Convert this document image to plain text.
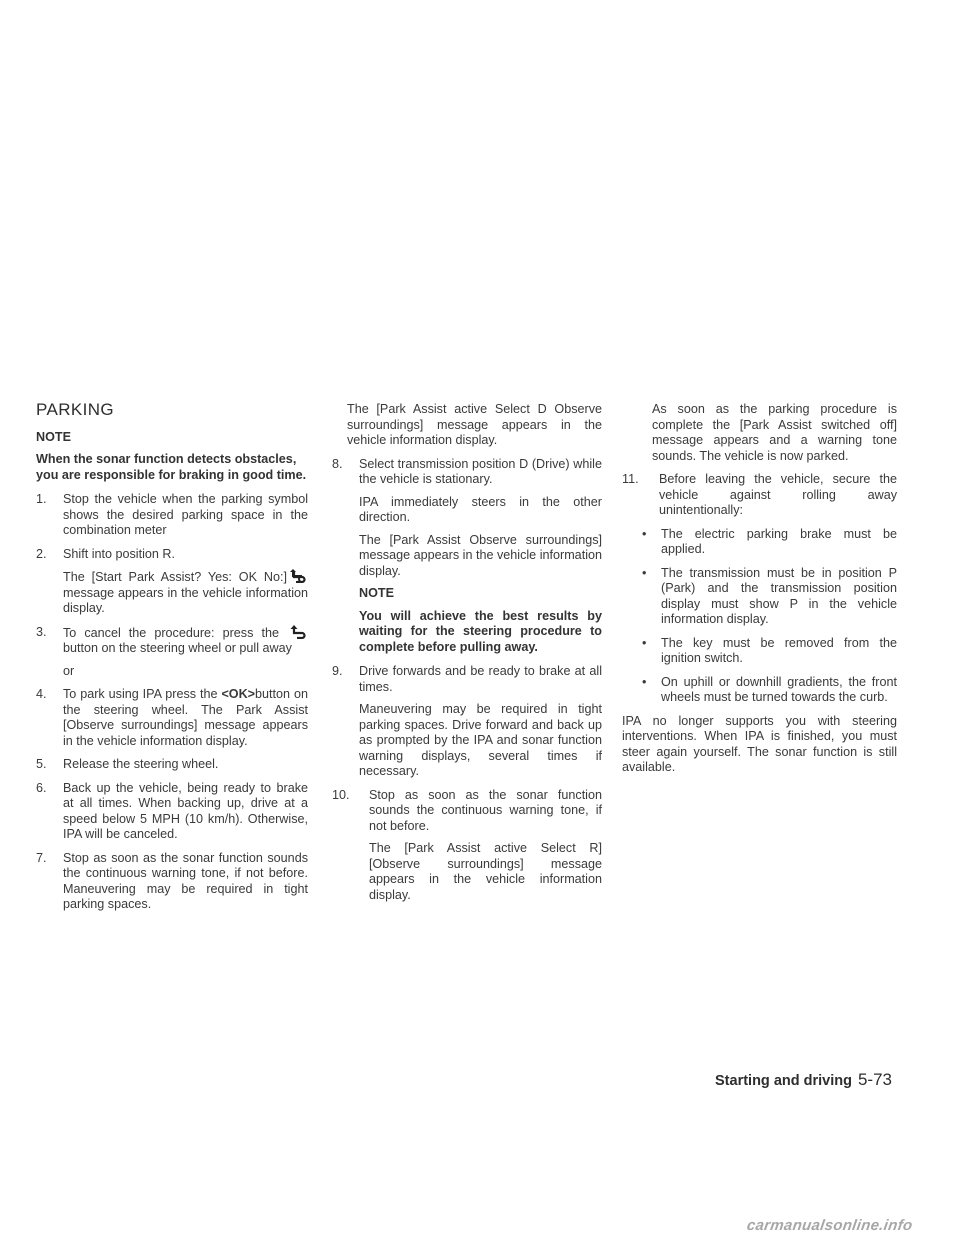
PARKING
NOTE
When the sonar function detects obstacles, you are responsible for braking in good time.
1. Stop the vehicle when the parking symbol shows the desired parking space in the combination meter

2. Shift into position R.

The [Start Park Assist? Yes: OK No:] message appears in the vehicle information display.

3. To cancel the procedure: press the  button on the steering wheel or pull away

or

4. To park using IPA press the <OK>button on the steering wheel. The Park Assist [Observe surroundings] message appears in the vehicle information display.

5. Release the steering wheel.

6. Back up the vehicle, being ready to brake at all times. When backing up, drive at a speed below 5 MPH (10 km/h). Otherwise, IPA will be canceled.

7. Stop as soon as the sonar function sounds the continuous warning tone, if not before. Maneuvering may be required in tight parking spaces.

The [Park Assist active Select D Observe surroundings] message appears in the vehicle information display.

8. Select transmission position D (Drive) while the vehicle is stationary.

IPA immediately steers in the other direction.

The [Park Assist Observe surroundings] message appears in the vehicle information display.

NOTE
You will achieve the best results by waiting for the steering procedure to complete before pulling away.
9. Drive forwards and be ready to brake at all times.

Maneuvering may be required in tight parking spaces. Drive forward and back up as prompted by the IPA and sonar function warning displays, several times if necessary.

10. Stop as soon as the sonar function sounds the continuous warning tone, if not before.

The [Park Assist active Select R] [Observe surroundings] message appears in the vehicle information display.

As soon as the parking procedure is complete the [Park Assist switched off] message appears and a warning tone sounds. The vehicle is now parked.

11. Before leaving the vehicle, secure the vehicle against rolling away unintentionally:

• The electric parking brake must be applied.

• The transmission must be in position P (Park) and the transmission position display must show P in the vehicle information display.

• The key must be removed from the ignition switch.

• On uphill or downhill gradients, the front wheels must be turned towards the curb.

IPA no longer supports you with steering interventions. When IPA is finished, you must steer again yourself. The sonar function is still available.

Starting and driving 5-73
carmanualsonline.info
